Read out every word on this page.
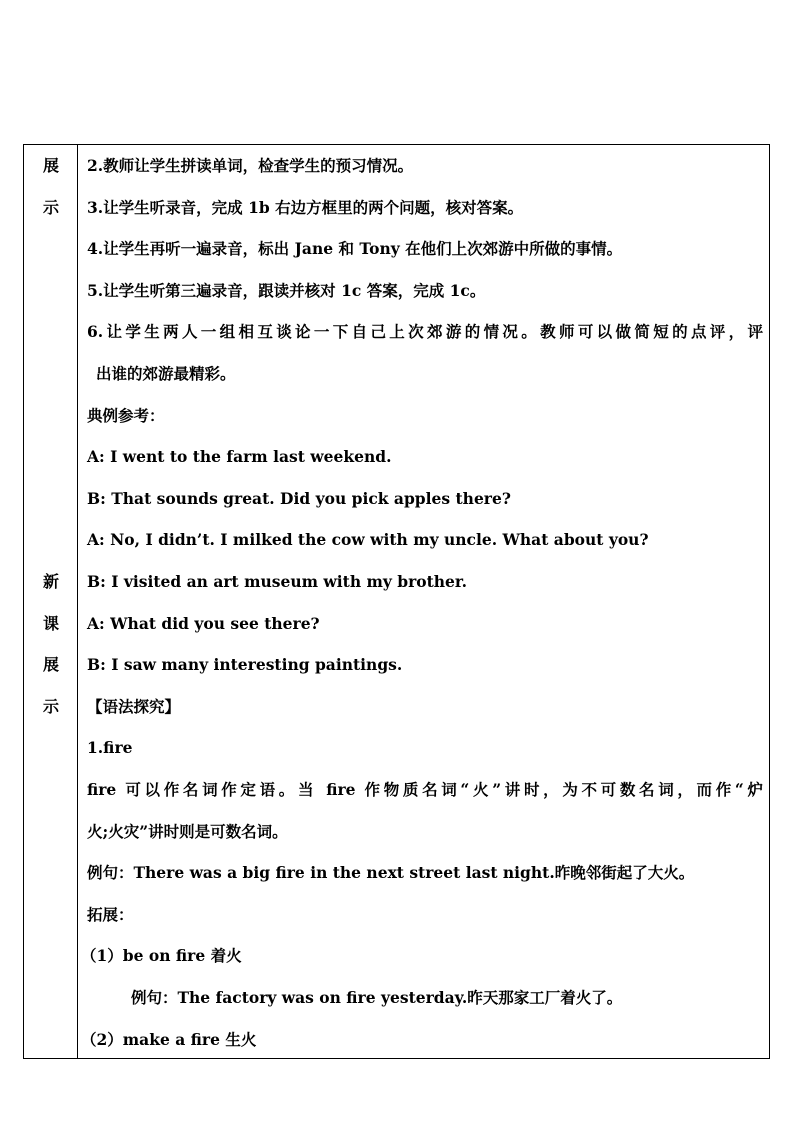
展
示
新
课
展
示
2.教师让学生拼读单词，检查学生的预习情况。
3.让学生听录音，完成 1b 右边方框里的两个问题，核对答案。
4.让学生再听一遍录音，标出 Jane 和 Tony 在他们上次郊游中所做的事情。
5.让学生听第三遍录音，跟读并核对 1c 答案，完成 1c。
6.让学生两人一组相互谈论一下自己上次郊游的情况。教师可以做简短的点评，评
出谁的郊游最精彩。
典例参考：
A: I went to the farm last weekend.
B: That sounds great. Did you pick apples there?
A: No, I didn’t. I milked the cow with my uncle. What about you?
B: I visited an art museum with my brother.
A: What did you see there?
B: I saw many interesting paintings.
【语法探究】
1.fire
fire 可以作名词作定语。当 fire 作物质名词“火”讲时，为不可数名词，而作“炉
火;火灾”讲时则是可数名词。
例句：There was a big fire in the next street last night.昨晚邻街起了大火。
拓展：
（1）be on fire 着火
例句：The factory was on fire yesterday.昨天那家工厂着火了。
（2）make a fire 生火
